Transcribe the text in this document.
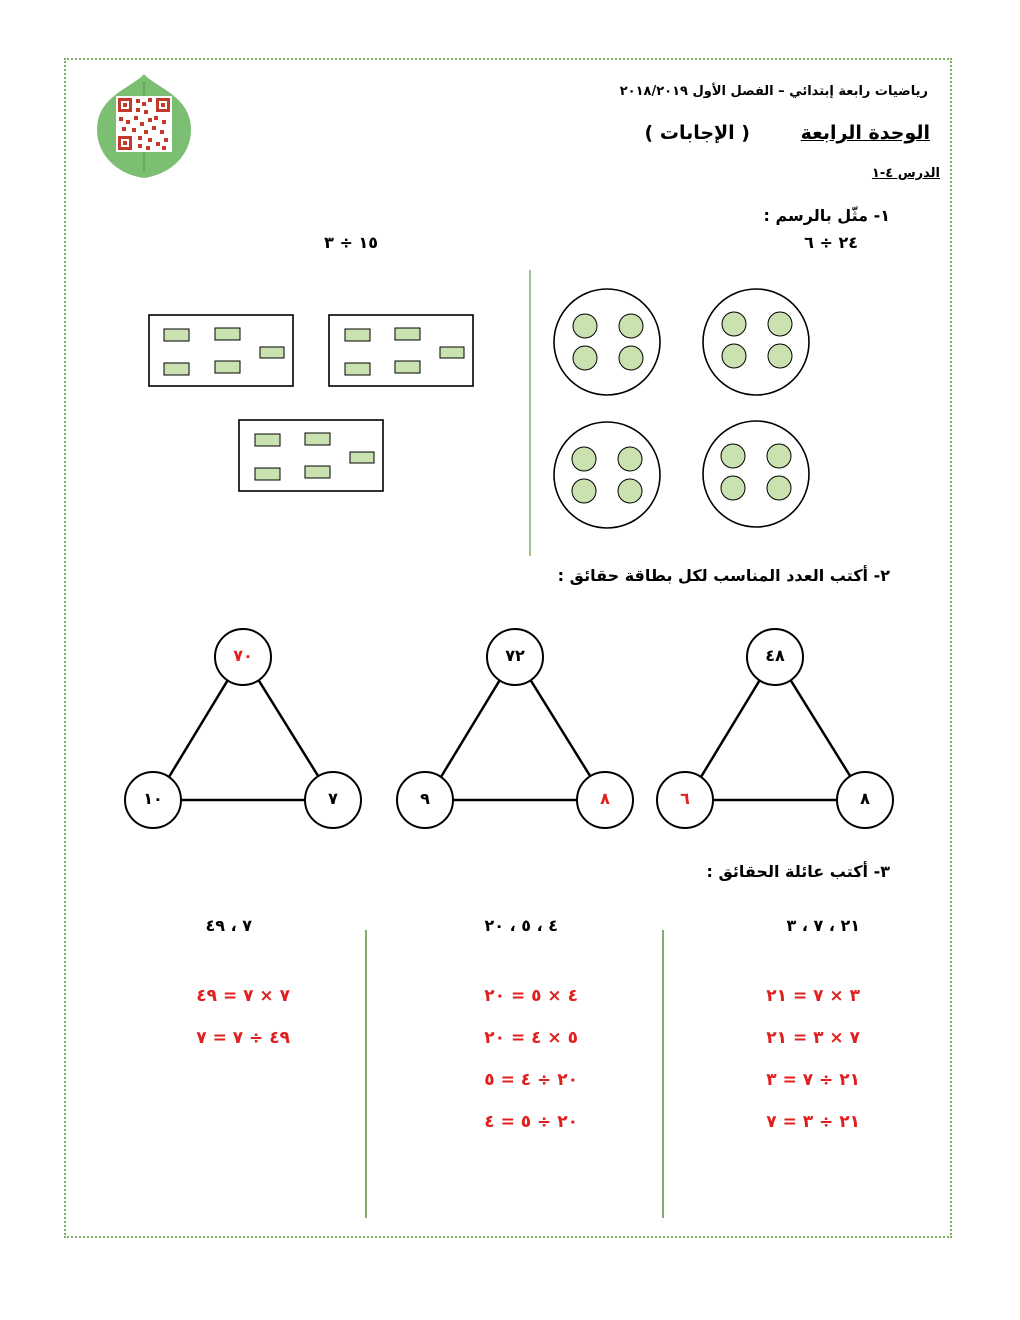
رياضيات رابعة إبتدائي – الفصل الأول ٢٠١٨/٢٠١٩
الوحدة الرابعة
( الإجابات )
الدرس ٤-١
١- مثّل بالرسم :
٢٤ ÷ ٦
١٥ ÷ ٣
٢- أكتب العدد المناسب لكل بطاقة حقائق :
٤٨
٦	٨
٧٢
٩	٨
٧٠
١٠	٧
٣- أكتب عائلة الحقائق :
٢١ ، ٧ ، ٣
٣ × ٧ = ٢١
٧ × ٣ = ٢١
٢١ ÷ ٧ = ٣
٢١ ÷ ٣ = ٧
٤ ، ٥ ، ٢٠
٤ × ٥ = ٢٠
٥ × ٤ = ٢٠
٢٠ ÷ ٤ = ٥
٢٠ ÷ ٥ = ٤
٧ ، ٤٩
٧ × ٧ = ٤٩
٤٩ ÷ ٧ = ٧
